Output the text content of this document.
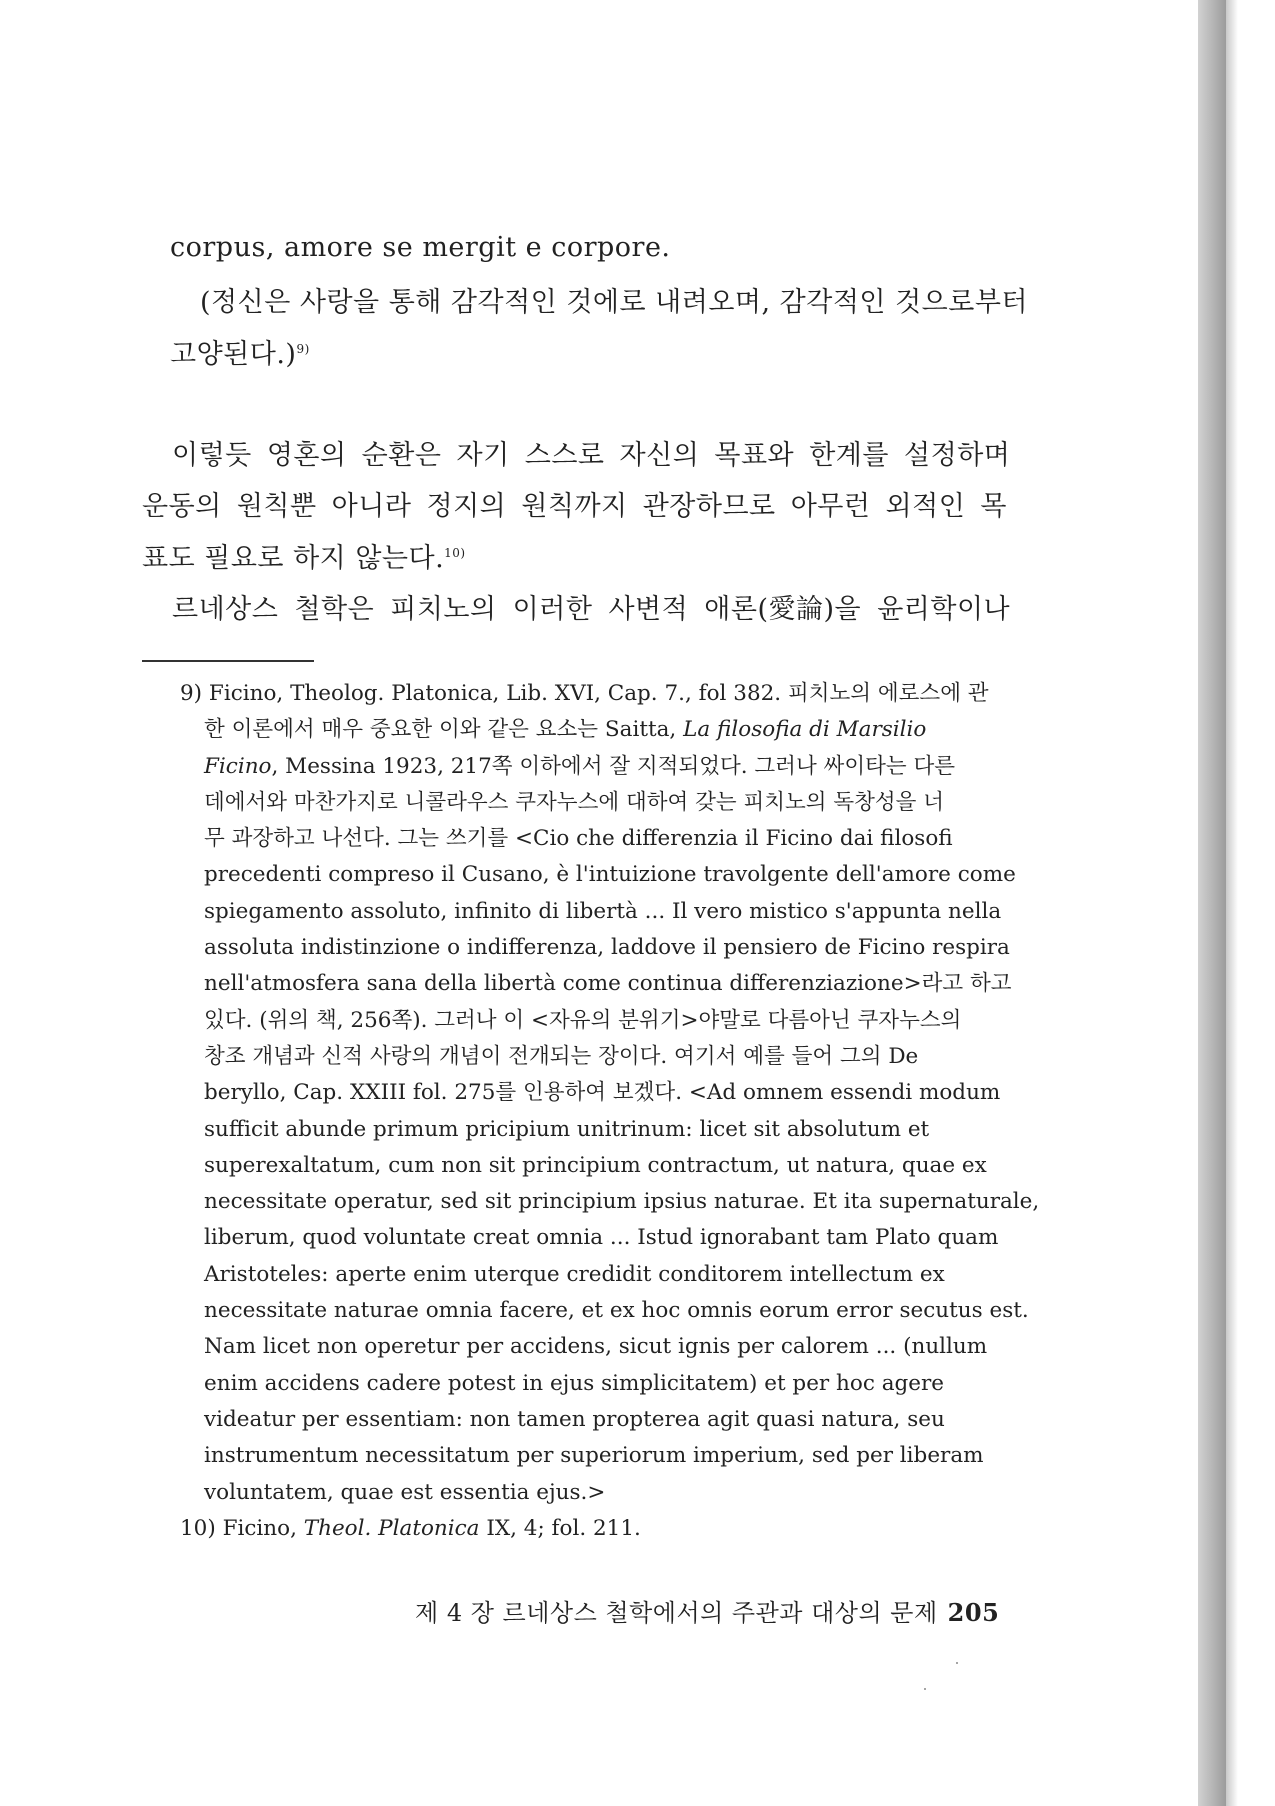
corpus, amore se mergit e corpore.
(정신은 사랑을 통해 감각적인 것에로 내려오며, 감각적인 것으로부터
고양된다.)$^{9)}$
이렇듯 영혼의 순환은 자기 스스로 자신의 목표와 한계를 설정하며
운동의 원칙뿐 아니라 정지의 원칙까지 관장하므로 아무런 외적인 목
표도 필요로 하지 않는다.$^{10)}$
르네상스 철학은 피치노의 이러한 사변적 애론(愛論)을 윤리학이나
9) Ficino, Theolog. Platonica, Lib. XVI, Cap. 7., fol 382. 피치노의 에로스에 관
한 이론에서 매우 중요한 이와 같은 요소는 Saitta, La filosofia di Marsilio
Ficino, Messina 1923, 217쪽 이하에서 잘 지적되었다. 그러나 싸이타는 다른
데에서와 마찬가지로 니콜라우스 쿠자누스에 대하여 갖는 피치노의 독창성을 너
무 과장하고 나선다. 그는 쓰기를 <Cio che differenzia il Ficino dai filosofi
precedenti compreso il Cusano, è l'intuizione travolgente dell'amore come
spiegamento assoluto, infinito di libertà ... Il vero mistico s'appunta nella
assoluta indistinzione o indifferenza, laddove il pensiero de Ficino respira
nell'atmosfera sana della libertà come continua differenziazione>라고 하고
있다. (위의 책, 256쪽). 그러나 이 <자유의 분위기>야말로 다름아닌 쿠자누스의
창조 개념과 신적 사랑의 개념이 전개되는 장이다. 여기서 예를 들어 그의 De
beryllo, Cap. XXIII fol. 275를 인용하여 보겠다. <Ad omnem essendi modum
sufficit abunde primum pricipium unitrinum: licet sit absolutum et
superexaltatum, cum non sit principium contractum, ut natura, quae ex
necessitate operatur, sed sit principium ipsius naturae. Et ita supernaturale,
liberum, quod voluntate creat omnia ... Istud ignorabant tam Plato quam
Aristoteles: aperte enim uterque credidit conditorem intellectum ex
necessitate naturae omnia facere, et ex hoc omnis eorum error secutus est.
Nam licet non operetur per accidens, sicut ignis per calorem ... (nullum
enim accidens cadere potest in ejus simplicitatem) et per hoc agere
videatur per essentiam: non tamen propterea agit quasi natura, seu
instrumentum necessitatum per superiorum imperium, sed per liberam
voluntatem, quae est essentia ejus.>
10) Ficino, Theol. Platonica IX, 4; fol. 211.
제 4 장 르네상스 철학에서의 주관과 대상의 문제 205
